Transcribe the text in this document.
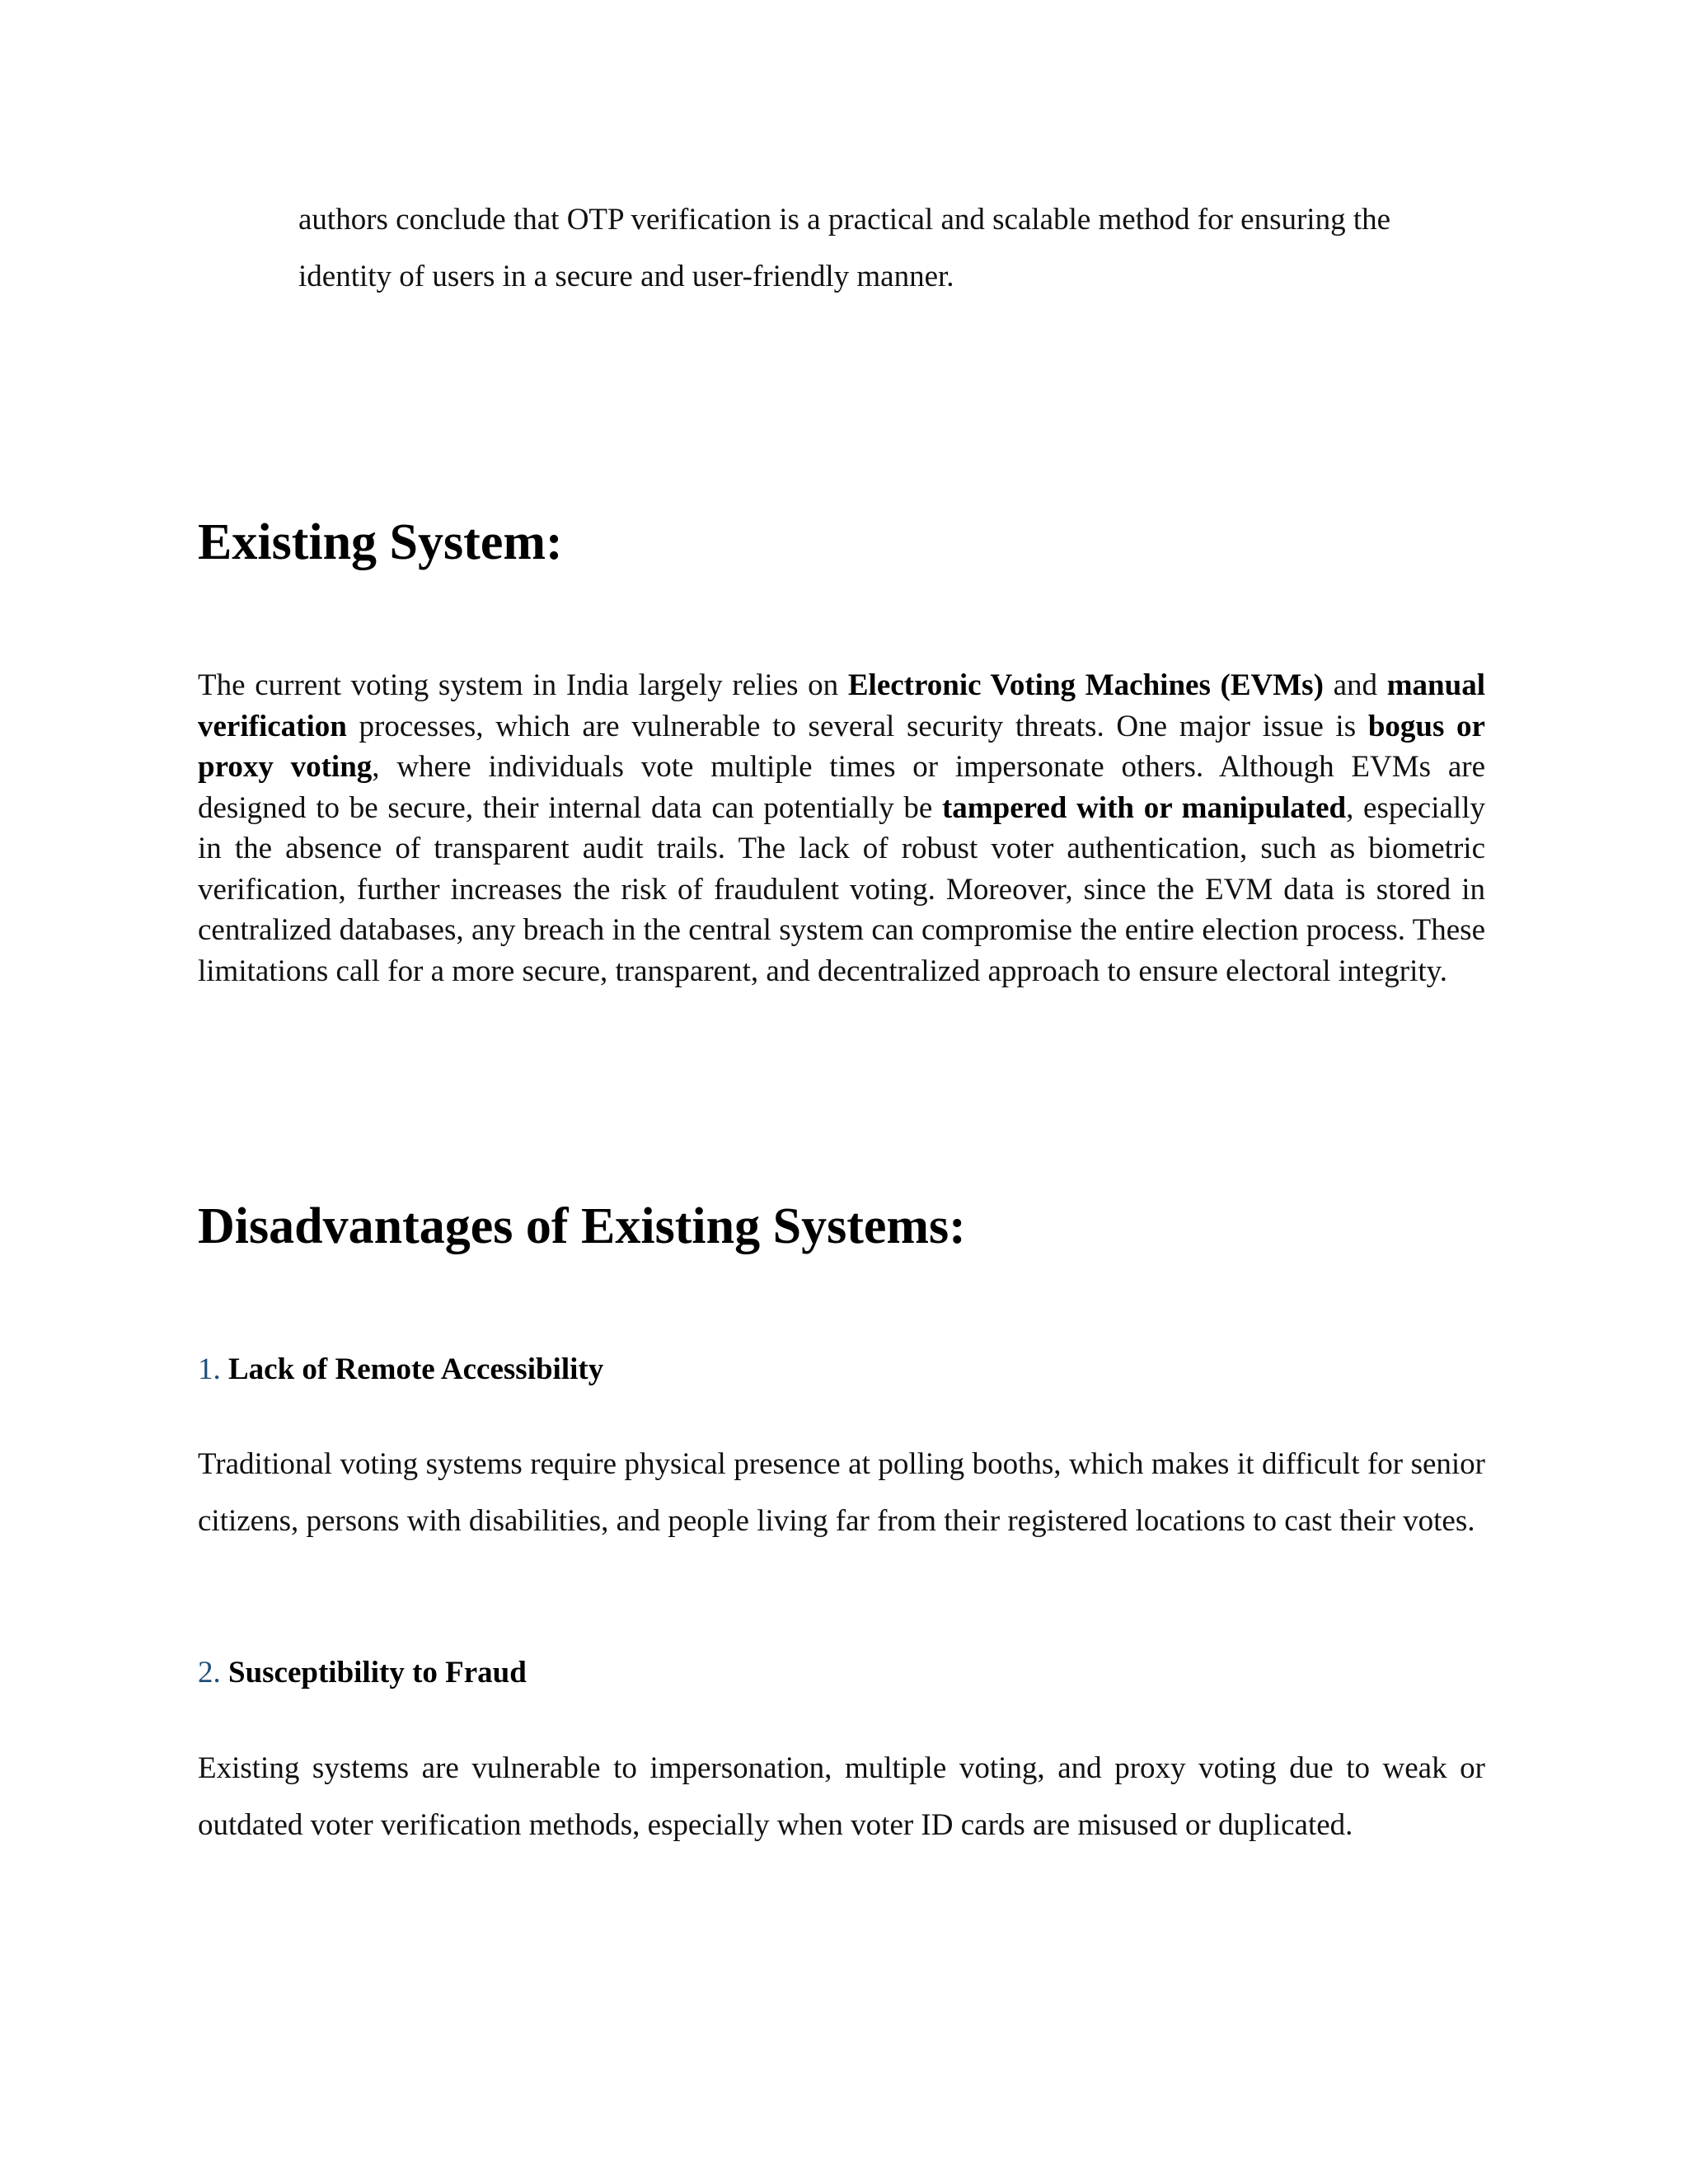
authors conclude that OTP verification is a practical and scalable method for ensuring the identity of users in a secure and user-friendly manner.

Existing System:

The current voting system in India largely relies on Electronic Voting Machines (EVMs) and manual verification processes, which are vulnerable to several security threats. One major issue is bogus or proxy voting, where individuals vote multiple times or impersonate others. Although EVMs are designed to be secure, their internal data can potentially be tampered with or manipulated, especially in the absence of transparent audit trails. The lack of robust voter authentication, such as biometric verification, further increases the risk of fraudulent voting. Moreover, since the EVM data is stored in centralized databases, any breach in the central system can compromise the entire election process. These limitations call for a more secure, transparent, and decentralized approach to ensure electoral integrity.

Disadvantages of Existing Systems:
1. Lack of Remote Accessibility

Traditional voting systems require physical presence at polling booths, which makes it difficult for senior citizens, persons with disabilities, and people living far from their registered locations to cast their votes.

2. Susceptibility to Fraud

Existing systems are vulnerable to impersonation, multiple voting, and proxy voting due to weak or outdated voter verification methods, especially when voter ID cards are misused or duplicated.
